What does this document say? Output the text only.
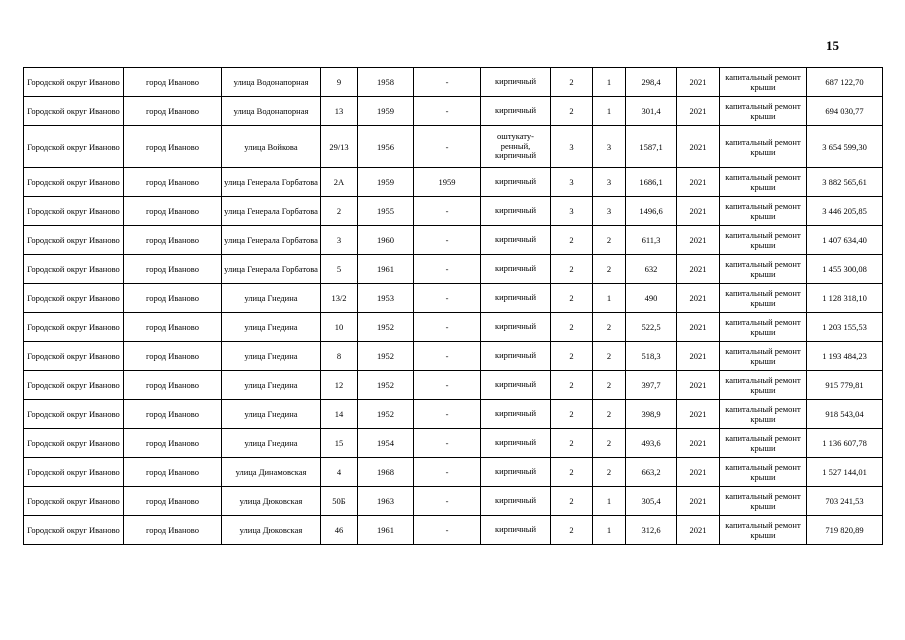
15
Городской округ Иваново	город Иваново	улица Водонапорная	9	1958	-	кирпичный	2	1	298,4	2021	капитальный ремонт крыши	687 122,70
Городской округ Иваново	город Иваново	улица Водонапорная	13	1959	-	кирпичный	2	1	301,4	2021	капитальный ремонт крыши	694 030,77
Городской округ Иваново	город Иваново	улица Войкова	29/13	1956	-	оштукату-ренный, кирпичный	3	3	1587,1	2021	капитальный ремонт крыши	3 654 599,30
Городской округ Иваново	город Иваново	улица Генерала Горбатова	2А	1959	1959	кирпичный	3	3	1686,1	2021	капитальный ремонт крыши	3 882 565,61
Городской округ Иваново	город Иваново	улица Генерала Горбатова	2	1955	-	кирпичный	3	3	1496,6	2021	капитальный ремонт крыши	3 446 205,85
Городской округ Иваново	город Иваново	улица Генерала Горбатова	3	1960	-	кирпичный	2	2	611,3	2021	капитальный ремонт крыши	1 407 634,40
Городской округ Иваново	город Иваново	улица Генерала Горбатова	5	1961	-	кирпичный	2	2	632	2021	капитальный ремонт крыши	1 455 300,08
Городской округ Иваново	город Иваново	улица Гнедина	13/2	1953	-	кирпичный	2	1	490	2021	капитальный ремонт крыши	1 128 318,10
Городской округ Иваново	город Иваново	улица Гнедина	10	1952	-	кирпичный	2	2	522,5	2021	капитальный ремонт крыши	1 203 155,53
Городской округ Иваново	город Иваново	улица Гнедина	8	1952	-	кирпичный	2	2	518,3	2021	капитальный ремонт крыши	1 193 484,23
Городской округ Иваново	город Иваново	улица Гнедина	12	1952	-	кирпичный	2	2	397,7	2021	капитальный ремонт крыши	915 779,81
Городской округ Иваново	город Иваново	улица Гнедина	14	1952	-	кирпичный	2	2	398,9	2021	капитальный ремонт крыши	918 543,04
Городской округ Иваново	город Иваново	улица Гнедина	15	1954	-	кирпичный	2	2	493,6	2021	капитальный ремонт крыши	1 136 607,78
Городской округ Иваново	город Иваново	улица Динамовская	4	1968	-	кирпичный	2	2	663,2	2021	капитальный ремонт крыши	1 527 144,01
Городской округ Иваново	город Иваново	улица Дюковская	50Б	1963	-	кирпичный	2	1	305,4	2021	капитальный ремонт крыши	703 241,53
Городской округ Иваново	город Иваново	улица Дюковская	46	1961	-	кирпичный	2	1	312,6	2021	капитальный ремонт крыши	719 820,89
